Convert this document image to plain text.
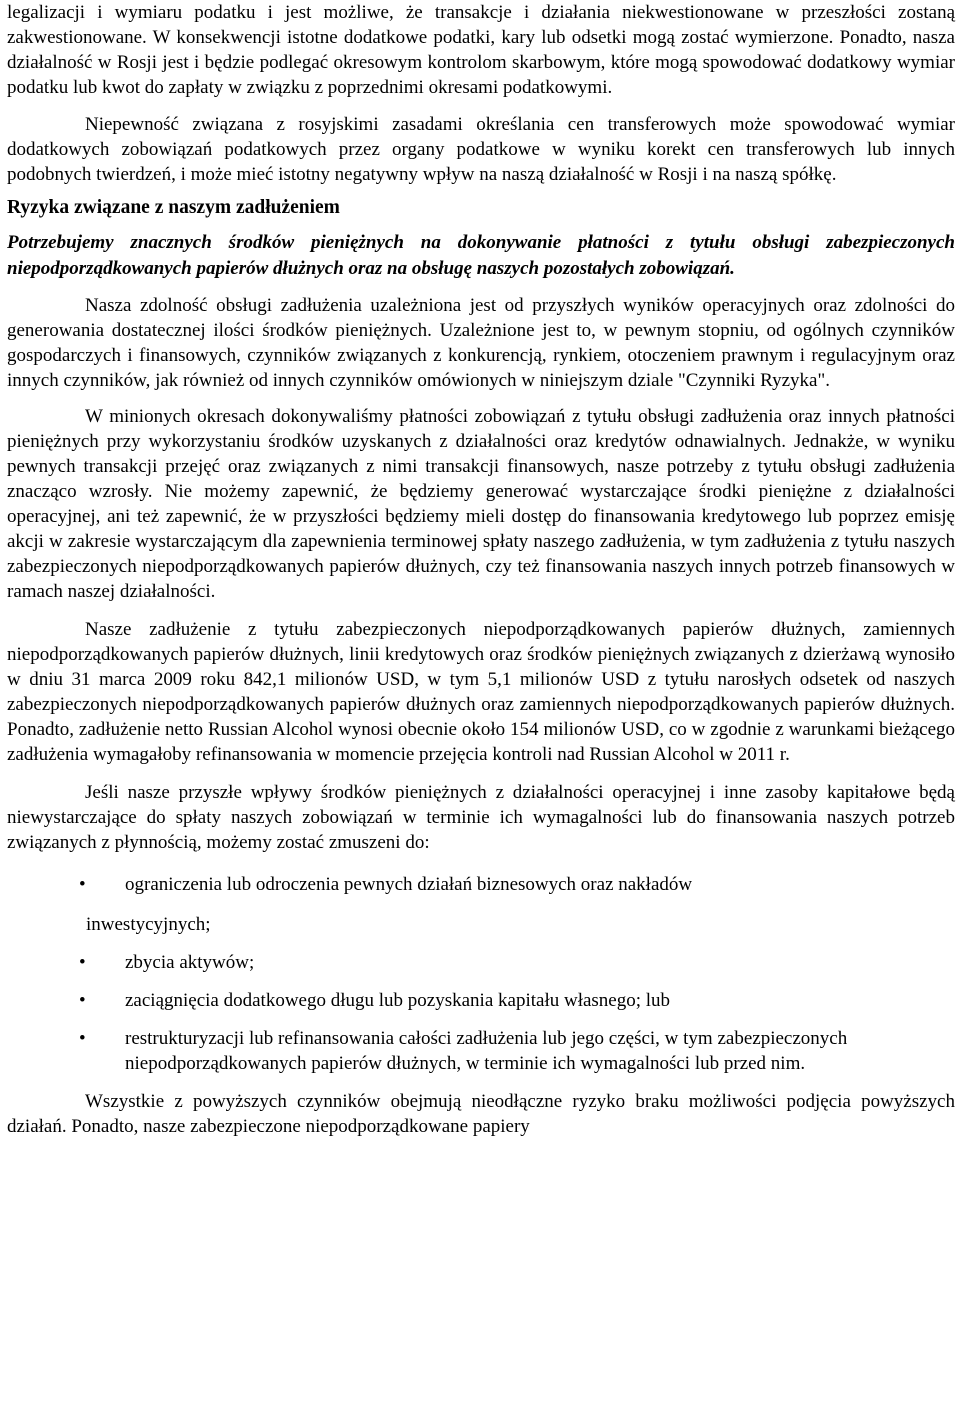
legalizacji i wymiaru podatku i jest możliwe, że transakcje i działania niekwestionowane w przeszłości zostaną zakwestionowane. W konsekwencji istotne dodatkowe podatki, kary lub odsetki mogą zostać wymierzone. Ponadto, nasza działalność w Rosji jest i będzie podlegać okresowym kontrolom skarbowym, które mogą spowodować dodatkowy wymiar podatku lub kwot do zapłaty w związku z poprzednimi okresami podatkowymi.

Niepewność związana z rosyjskimi zasadami określania cen transferowych może spowodować wymiar dodatkowych zobowiązań podatkowych przez organy podatkowe w wyniku korekt cen transferowych lub innych podobnych twierdzeń, i może mieć istotny negatywny wpływ na naszą działalność w Rosji i na naszą spółkę.

Ryzyka związane z naszym zadłużeniem

Potrzebujemy znacznych środków pieniężnych na dokonywanie płatności z tytułu obsługi zabezpieczonych niepodporządkowanych papierów dłużnych oraz na obsługę naszych pozostałych zobowiązań.

Nasza zdolność obsługi zadłużenia uzależniona jest od przyszłych wyników operacyjnych oraz zdolności do generowania dostatecznej ilości środków pieniężnych. Uzależnione jest to, w pewnym stopniu, od ogólnych czynników gospodarczych i finansowych, czynników związanych z konkurencją, rynkiem, otoczeniem prawnym i regulacyjnym oraz innych czynników, jak również od innych czynników omówionych w niniejszym dziale "Czynniki Ryzyka".

W minionych okresach dokonywaliśmy płatności zobowiązań z tytułu obsługi zadłużenia oraz innych płatności pieniężnych przy wykorzystaniu środków uzyskanych z działalności oraz kredytów odnawialnych. Jednakże, w wyniku pewnych transakcji przejęć oraz związanych z nimi transakcji finansowych, nasze potrzeby z tytułu obsługi zadłużenia znacząco wzrosły. Nie możemy zapewnić, że będziemy generować wystarczające środki pieniężne z działalności operacyjnej, ani też zapewnić, że w przyszłości będziemy mieli dostęp do finansowania kredytowego lub poprzez emisję akcji w zakresie wystarczającym dla zapewnienia terminowej spłaty naszego zadłużenia, w tym zadłużenia z tytułu naszych zabezpieczonych niepodporządkowanych papierów dłużnych, czy też finansowania naszych innych potrzeb finansowych w ramach naszej działalności.

Nasze zadłużenie z tytułu zabezpieczonych niepodporządkowanych papierów dłużnych, zamiennych niepodporządkowanych papierów dłużnych, linii kredytowych oraz środków pieniężnych związanych z dzierżawą wynosiło w dniu 31 marca 2009 roku 842,1 milionów USD, w tym 5,1 milionów USD z tytułu narosłych odsetek od naszych zabezpieczonych niepodporządkowanych papierów dłużnych oraz zamiennych niepodporządkowanych papierów dłużnych. Ponadto, zadłużenie netto Russian Alcohol wynosi obecnie około 154 milionów USD, co w zgodnie z warunkami bieżącego zadłużenia wymagałoby refinansowania w momencie przejęcia kontroli nad Russian Alcohol w 2011 r.

Jeśli nasze przyszłe wpływy środków pieniężnych z działalności operacyjnej i inne zasoby kapitałowe będą niewystarczające do spłaty naszych zobowiązań w terminie ich wymagalności lub do finansowania naszych potrzeb związanych z płynnością, możemy zostać zmuszeni do:

• ograniczenia lub odroczenia pewnych działań biznesowych oraz nakładów
inwestycyjnych;
• zbycia aktywów;
• zaciągnięcia dodatkowego długu lub pozyskania kapitału własnego; lub
• restrukturyzacji lub refinansowania całości zadłużenia lub jego części, w tym zabezpieczonych niepodporządkowanych papierów dłużnych, w terminie ich wymagalności lub przed nim.

Wszystkie z powyższych czynników obejmują nieodłączne ryzyko braku możliwości podjęcia powyższych działań. Ponadto, nasze zabezpieczone niepodporządkowane papiery
